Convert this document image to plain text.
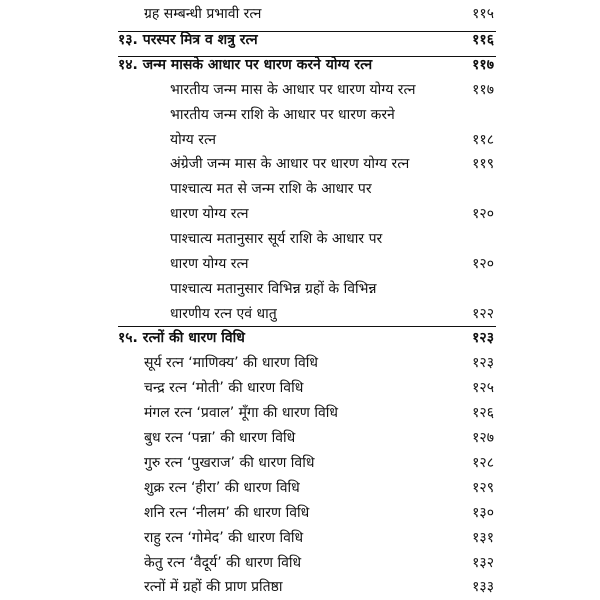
ग्रह सम्बन्धी प्रभावी रत्न	११५
१३. परस्पर मित्र व शत्रु रत्न	११६
१४. जन्म मासके आधार पर धारण करने योग्य रत्न	११७
भारतीय जन्म मास के आधार पर धारण योग्य रत्न	११७
भारतीय जन्म राशि के आधार पर धारण करने
योग्य रत्न	११८
अंग्रेजी जन्म मास के आधार पर धारण योग्य रत्न	११९
पाश्चात्य मत से जन्म राशि के आधार पर
धारण योग्य रत्न	१२०
पाश्चात्य मतानुसार सूर्य राशि के आधार पर
धारण योग्य रत्न	१२०
पाश्चात्य मतानुसार विभिन्न ग्रहों के विभिन्न
धारणीय रत्न एवं धातु	१२२
१५. रत्नों की धारण विधि	१२३
सूर्य रत्न ‘माणिक्य’ की धारण विधि	१२३
चन्द्र रत्न ‘मोती’ की धारण विधि	१२५
मंगल रत्न ‘प्रवाल’ मूँगा की धारण विधि	१२६
बुध रत्न ‘पन्ना’ की धारण विधि	१२७
गुरु रत्न ‘पुखराज’ की धारण विधि	१२८
शुक्र रत्न ‘हीरा’ की धारण विधि	१२९
शनि रत्न ‘नीलम’ की धारण विधि	१३०
राहु रत्न ‘गोमेद’ की धारण विधि	१३१
केतु रत्न ‘वैदूर्य’ की धारण विधि	१३२
रत्नों में ग्रहों की प्राण प्रतिष्ठा	१३३
